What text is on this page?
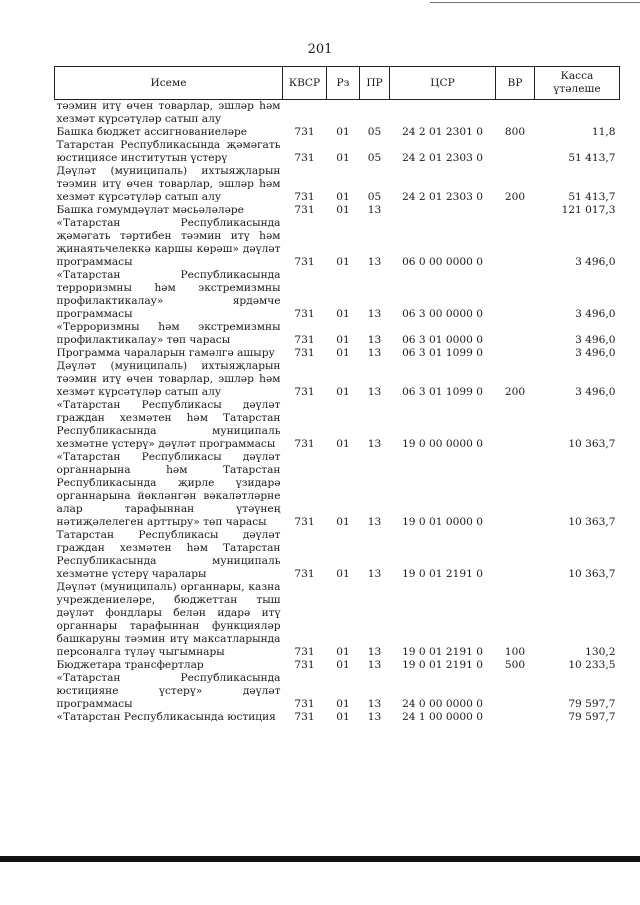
201
Исеме	КВСР	Рз	ПР	ЦСР	ВР	Касса
үтәлеше

тәэмин итү өчен товарлар, эшләр һәм хезмәт күрсәтүләр сатып алу						
Башка бюджет ассигнованиеләре	731	01	05	24 2 01 2301 0	800	11,8
Татарстан Республикасында җәмәгать юстициясе институтын үстерү	731	01	05	24 2 01 2303 0		51 413,7
Дәүләт (муниципаль) ихтыяҗларын тәэмин итү өчен товарлар, эшләр һәм хезмәт күрсәтүләр сатып алу	731	01	05	24 2 01 2303 0	200	51 413,7
Башка гомумдәүләт мәсьәләләре	731	01	13			121 017,3
«Татарстан Республикасында җәмәгать тәртибен тәэмин итү һәм җинаятьчелеккә каршы көрәш» дәүләт программасы	731	01	13	06 0 00 0000 0		3 496,0
«Татарстан Республикасында терроризмны һәм экстремизмны профилактикалау» ярдәмче программасы	731	01	13	06 3 00 0000 0		3 496,0
«Терроризмны һәм экстремизмны профилактикалау» төп чарасы	731	01	13	06 3 01 0000 0		3 496,0
Программа чараларын гамәлгә ашыру	731	01	13	06 3 01 1099 0		3 496,0
Дәүләт (муниципаль) ихтыяҗларын тәэмин итү өчен товарлар, эшләр һәм хезмәт күрсәтүләр сатып алу	731	01	13	06 3 01 1099 0	200	3 496,0
«Татарстан Республикасы дәүләт граждан хезмәтен һәм Татарстан Республикасында муниципаль хезмәтне үстерү» дәүләт программасы	731	01	13	19 0 00 0000 0		10 363,7
«Татарстан Республикасы дәүләт органнарына һәм Татарстан Республикасында җирле үзидарә органнарына йөкләнгән вәкаләтләрне алар тарафыннан үтәүнең нәтиҗәлелеген арттыру» төп чарасы	731	01	13	19 0 01 0000 0		10 363,7
Татарстан Республикасы дәүләт граждан хезмәтен һәм Татарстан Республикасында муниципаль хезмәтне үстерү чаралары	731	01	13	19 0 01 2191 0		10 363,7
Дәүләт (муниципаль) органнары, казна учреждениеләре, бюджеттан тыш дәүләт фондлары белән идарә итү органнары тарафыннан функцияләр башкаруны тәэмин итү максатларында персоналга түләү чыгымнары	731	01	13	19 0 01 2191 0	100	130,2
Бюджетара трансфертлар	731	01	13	19 0 01 2191 0	500	10 233,5
«Татарстан Республикасында юстицияне үстерү» дәүләт программасы	731	01	13	24 0 00 0000 0		79 597,7
«Татарстан Республикасында юстиция	731	01	13	24 1 00 0000 0		79 597,7
